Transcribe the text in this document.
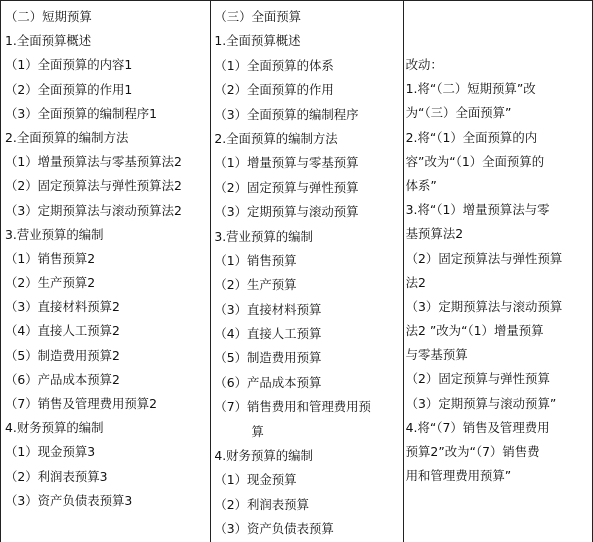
（二）短期预算
1.全面预算概述
（1）全面预算的内容1
（2）全面预算的作用1
（3）全面预算的编制程序1
2.全面预算的编制方法
（1）增量预算法与零基预算法2
（2）固定预算法与弹性预算法2
（3）定期预算法与滚动预算法2
3.营业预算的编制
（1）销售预算2
（2）生产预算2
（3）直接材料预算2
（4）直接人工预算2
（5）制造费用预算2
（6）产品成本预算2
（7）销售及管理费用预算2
4.财务预算的编制
（1）现金预算3
（2）利润表预算3
（3）资产负债表预算3

（三）全面预算
1.全面预算概述
（1）全面预算的体系
（2）全面预算的作用
（3）全面预算的编制程序
2.全面预算的编制方法
（1）增量预算与零基预算
（2）固定预算与弹性预算
（3）定期预算与滚动预算
3.营业预算的编制
（1）销售预算
（2）生产预算
（3）直接材料预算
（4）直接人工预算
（5）制造费用预算
（6）产品成本预算
（7）销售费用和管理费用预
算
4.财务预算的编制
（1）现金预算
（2）利润表预算
（3）资产负债表预算

改动：
1.将“（二）短期预算”改
为“（三）全面预算”
2.将“（1）全面预算的内
容”改为“（1）全面预算的
体系”
3.将“（1）增量预算法与零
基预算法2
（2）固定预算法与弹性预算
法2
（3）定期预算法与滚动预算
法2 ”改为“（1）增量预算
与零基预算
（2）固定预算与弹性预算
（3）定期预算与滚动预算”
4.将“（7）销售及管理费用
预算2”改为“（7）销售费
用和管理费用预算”
